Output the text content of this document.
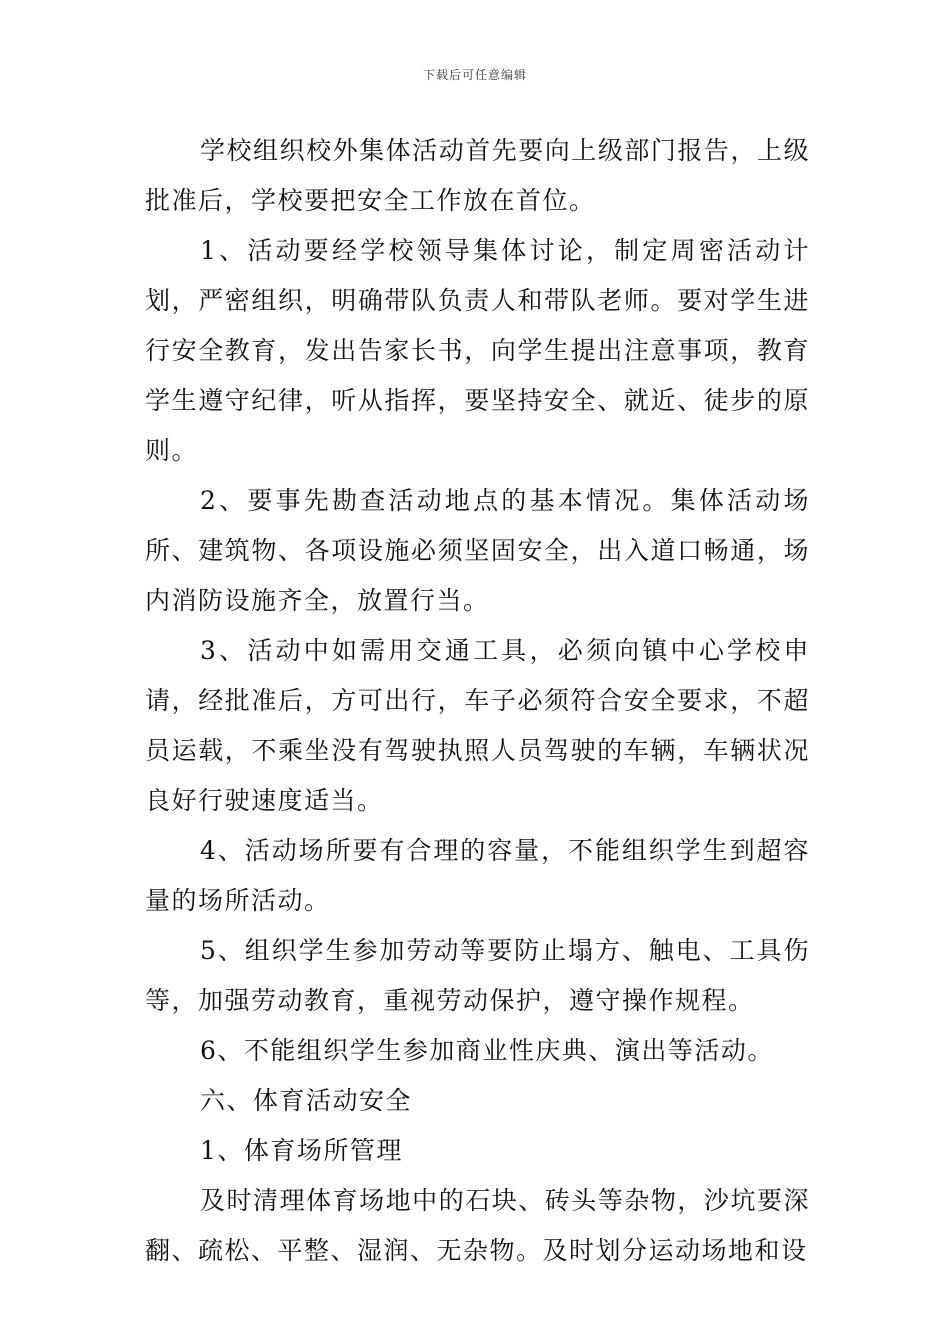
下载后可任意编辑

学校组织校外集体活动首先要向上级部门报告，上级批准后，学校要把安全工作放在首位。

1、活动要经学校领导集体讨论，制定周密活动计划，严密组织，明确带队负责人和带队老师。要对学生进行安全教育，发出告家长书，向学生提出注意事项，教育学生遵守纪律，听从指挥，要坚持安全、就近、徒步的原则。

2、要事先勘查活动地点的基本情况。集体活动场所、建筑物、各项设施必须坚固安全，出入道口畅通，场内消防设施齐全，放置行当。

3、活动中如需用交通工具，必须向镇中心学校申请，经批准后，方可出行，车子必须符合安全要求，不超员运载，不乘坐没有驾驶执照人员驾驶的车辆，车辆状况良好行驶速度适当。

4、活动场所要有合理的容量，不能组织学生到超容量的场所活动。

5、组织学生参加劳动等要防止塌方、触电、工具伤等，加强劳动教育，重视劳动保护，遵守操作规程。

6、不能组织学生参加商业性庆典、演出等活动。

六、体育活动安全

1、体育场所管理

及时清理体育场地中的石块、砖头等杂物，沙坑要深翻、疏松、平整、湿润、无杂物。及时划分运动场地和设
